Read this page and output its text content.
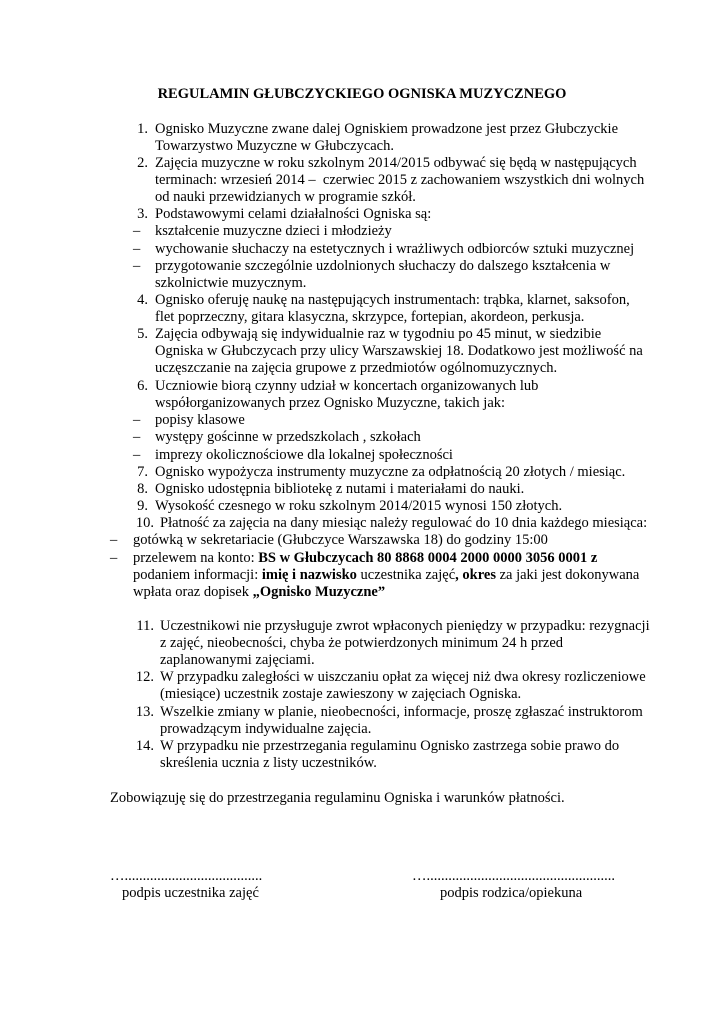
REGULAMIN GŁUBCZYCKIEGO OGNISKA MUZYCZNEGO
1. Ognisko Muzyczne zwane dalej Ogniskiem prowadzone jest przez Głubczyckie
Towarzystwo Muzyczne w Głubczycach.
2. Zajęcia muzyczne w roku szkolnym 2014/2015 odbywać się będą w następujących
terminach: wrzesień 2014 –  czerwiec 2015 z zachowaniem wszystkich dni wolnych
od nauki przewidzianych w programie szkół.
3. Podstawowymi celami działalności Ogniska są:
– kształcenie muzyczne dzieci i młodzieży
– wychowanie słuchaczy na estetycznych i wrażliwych odbiorców sztuki muzycznej
– przygotowanie szczególnie uzdolnionych słuchaczy do dalszego kształcenia w
szkolnictwie muzycznym.
4. Ognisko oferuję naukę na następujących instrumentach: trąbka, klarnet, saksofon,
flet poprzeczny, gitara klasyczna, skrzypce, fortepian, akordeon, perkusja.
5. Zajęcia odbywają się indywidualnie raz w tygodniu po 45 minut, w siedzibie
Ogniska w Głubczycach przy ulicy Warszawskiej 18. Dodatkowo jest możliwość na
uczęszczanie na zajęcia grupowe z przedmiotów ogólnomuzycznych.
6. Uczniowie biorą czynny udział w koncertach organizowanych lub
współorganizowanych przez Ognisko Muzyczne, takich jak:
– popisy klasowe
– występy gościnne w przedszkolach , szkołach
– imprezy okolicznościowe dla lokalnej społeczności
7. Ognisko wypożycza instrumenty muzyczne za odpłatnością 20 złotych / miesiąc.
8. Ognisko udostępnia bibliotekę z nutami i materiałami do nauki.
9. Wysokość czesnego w roku szkolnym 2014/2015 wynosi 150 złotych.
10. Płatność za zajęcia na dany miesiąc należy regulować do 10 dnia każdego miesiąca:
– gotówką w sekretariacie (Głubczyce Warszawska 18) do godziny 15:00
– przelewem na konto: BS w Głubczycach 80 8868 0004 2000 0000 3056 0001 z
podaniem informacji: imię i nazwisko uczestnika zajęć, okres za jaki jest dokonywana
wpłata oraz dopisek „Ognisko Muzyczne”
11. Uczestnikowi nie przysługuje zwrot wpłaconych pieniędzy w przypadku: rezygnacji
z zajęć, nieobecności, chyba że potwierdzonych minimum 24 h przed
zaplanowanymi zajęciami.
12. W przypadku zaległości w uiszczaniu opłat za więcej niż dwa okresy rozliczeniowe
(miesiące) uczestnik zostaje zawieszony w zajęciach Ogniska.
13. Wszelkie zmiany w planie, nieobecności, informacje, proszę zgłaszać instruktorom
prowadzącym indywidualne zajęcia.
14. W przypadku nie przestrzegania regulaminu Ognisko zastrzega sobie prawo do
skreślenia ucznia z listy uczestników.
Zobowiązuję się do przestrzegania regulaminu Ogniska i warunków płatności.
…......................................
podpis uczestnika zajęć
…....................................................
podpis rodzica/opiekuna
